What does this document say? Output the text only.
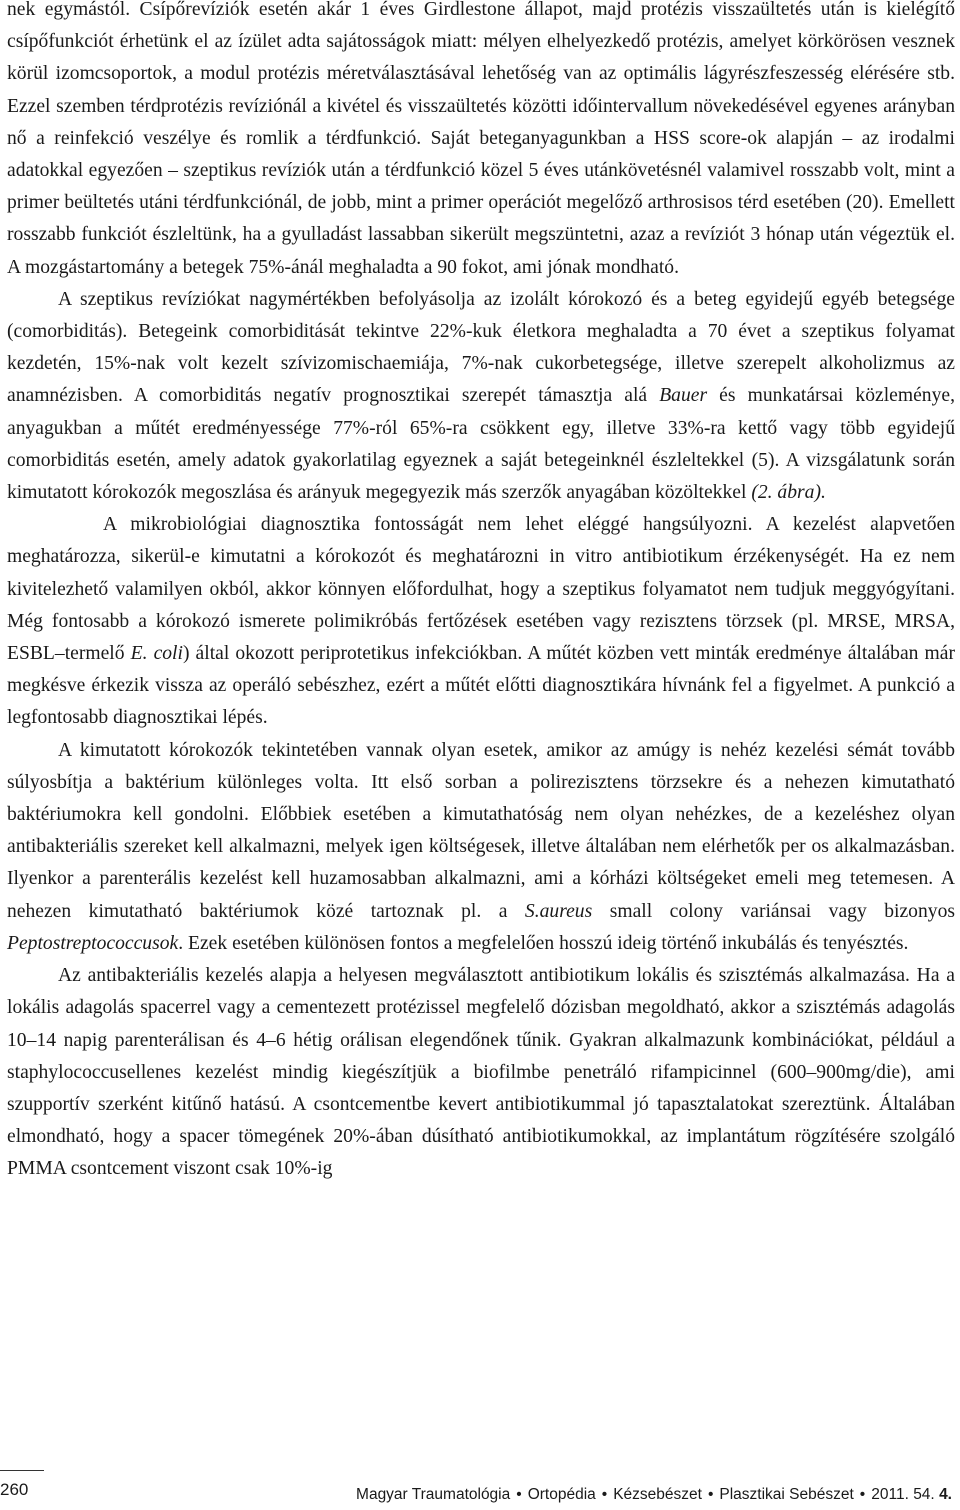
nek egymástól. Csípőrevíziók esetén akár 1 éves Girdlestone állapot, majd protézis visszaültetés után is kielégítő csípőfunkciót érhetünk el az ízület adta sajátosságok miatt: mélyen elhelyezkedő protézis, amelyet körkörösen vesznek körül izomcsoportok, a modul protézis méretválasztásával lehetőség van az optimális lágyrészfeszesség elérésére stb. Ezzel szemben térdprotézis revíziónál a kivétel és visszaültetés közötti időintervallum növekedésével egyenes arányban nő a reinfekció veszélye és romlik a térdfunkció. Saját beteganyagunkban a HSS score-ok alapján – az irodalmi adatokkal egyezően – szeptikus revíziók után a térdfunkció közel 5 éves utánkövetésnél valamivel rosszabb volt, mint a primer beültetés utáni térdfunkciónál, de jobb, mint a primer operációt megelőző arthrosisos térd esetében (20). Emellett rosszabb funkciót észleltünk, ha a gyulladást lassabban sikerült megszüntetni, azaz a revíziót 3 hónap után végeztük el. A mozgástartomány a betegek 75%-ánál meghaladta a 90 fokot, ami jónak mondható.

A szeptikus revíziókat nagymértékben befolyásolja az izolált kórokozó és a beteg egyidejű egyéb betegsége (comorbiditás). Betegeink comorbiditását tekintve 22%-kuk életkora meghaladta a 70 évet a szeptikus folyamat kezdetén, 15%-nak volt kezelt szívizomischaemiája, 7%-nak cukorbetegsége, illetve szerepelt alkoholizmus az anamnézisben. A comorbiditás negatív prognosztikai szerepét támasztja alá Bauer és munkatársai közleménye, anyagukban a műtét eredményessége 77%-ról 65%-ra csökkent egy, illetve 33%-ra kettő vagy több egyidejű comorbiditás esetén, amely adatok gyakorlatilag egyeznek a saját betegeinknél észleltekkel (5). A vizsgálatunk során kimutatott kórokozók megoszlása és arányuk megegyezik más szerzők anyagában közöltekkel (2. ábra).

A mikrobiológiai diagnosztika fontosságát nem lehet eléggé hangsúlyozni. A kezelést alapvetően meghatározza, sikerül-e kimutatni a kórokozót és meghatározni in vitro antibiotikum érzékenységét. Ha ez nem kivitelezhető valamilyen okból, akkor könnyen előfordulhat, hogy a szeptikus folyamatot nem tudjuk meggyógyítani. Még fontosabb a kórokozó ismerete polimikróbás fertőzések esetében vagy rezisztens törzsek (pl. MRSE, MRSA, ESBL–termelő E. coli) által okozott periprotetikus infekciókban. A műtét közben vett minták eredménye általában már megkésve érkezik vissza az operáló sebészhez, ezért a műtét előtti diagnosztikára hívnánk fel a figyelmet. A punkció a legfontosabb diagnosztikai lépés.

A kimutatott kórokozók tekintetében vannak olyan esetek, amikor az amúgy is nehéz kezelési sémát tovább súlyosbítja a baktérium különleges volta. Itt első sorban a polirezisztens törzsekre és a nehezen kimutatható baktériumokra kell gondolni. Előbbiek esetében a kimutathatóság nem olyan nehézkes, de a kezeléshez olyan antibakteriális szereket kell alkalmazni, melyek igen költségesek, illetve általában nem elérhetők per os alkalmazásban. Ilyenkor a parenterális kezelést kell huzamosabban alkalmazni, ami a kórházi költségeket emeli meg tetemesen. A nehezen kimutatható baktériumok közé tartoznak pl. a S.aureus small colony variánsai vagy bizonyos Peptostreptococcusok. Ezek esetében különösen fontos a megfelelően hosszú ideig történő inkubálás és tenyésztés.

Az antibakteriális kezelés alapja a helyesen megválasztott antibiotikum lokális és szisztémás alkalmazása. Ha a lokális adagolás spacerrel vagy a cementezett protézissel megfelelő dózisban megoldható, akkor a szisztémás adagolás 10–14 napig parenterálisan és 4–6 hétig orálisan elegendőnek tűnik. Gyakran alkalmazunk kombinációkat, például a staphylococcusellenes kezelést mindig kiegészítjük a biofilmbe penetráló rifampicinnel (600–900mg/die), ami szupportív szerként kitűnő hatású. A csontcementbe kevert antibiotikummal jó tapasztalatokat szereztünk. Általában elmondható, hogy a spacer tömegének 20%-ában dúsítható antibiotikumokkal, az implantátum rögzítésére szolgáló PMMA csontcement viszont csak 10%-ig

260	Magyar Traumatológia • Ortopédia • Kézsebészet • Plasztikai Sebészet • 2011. 54. 4.
